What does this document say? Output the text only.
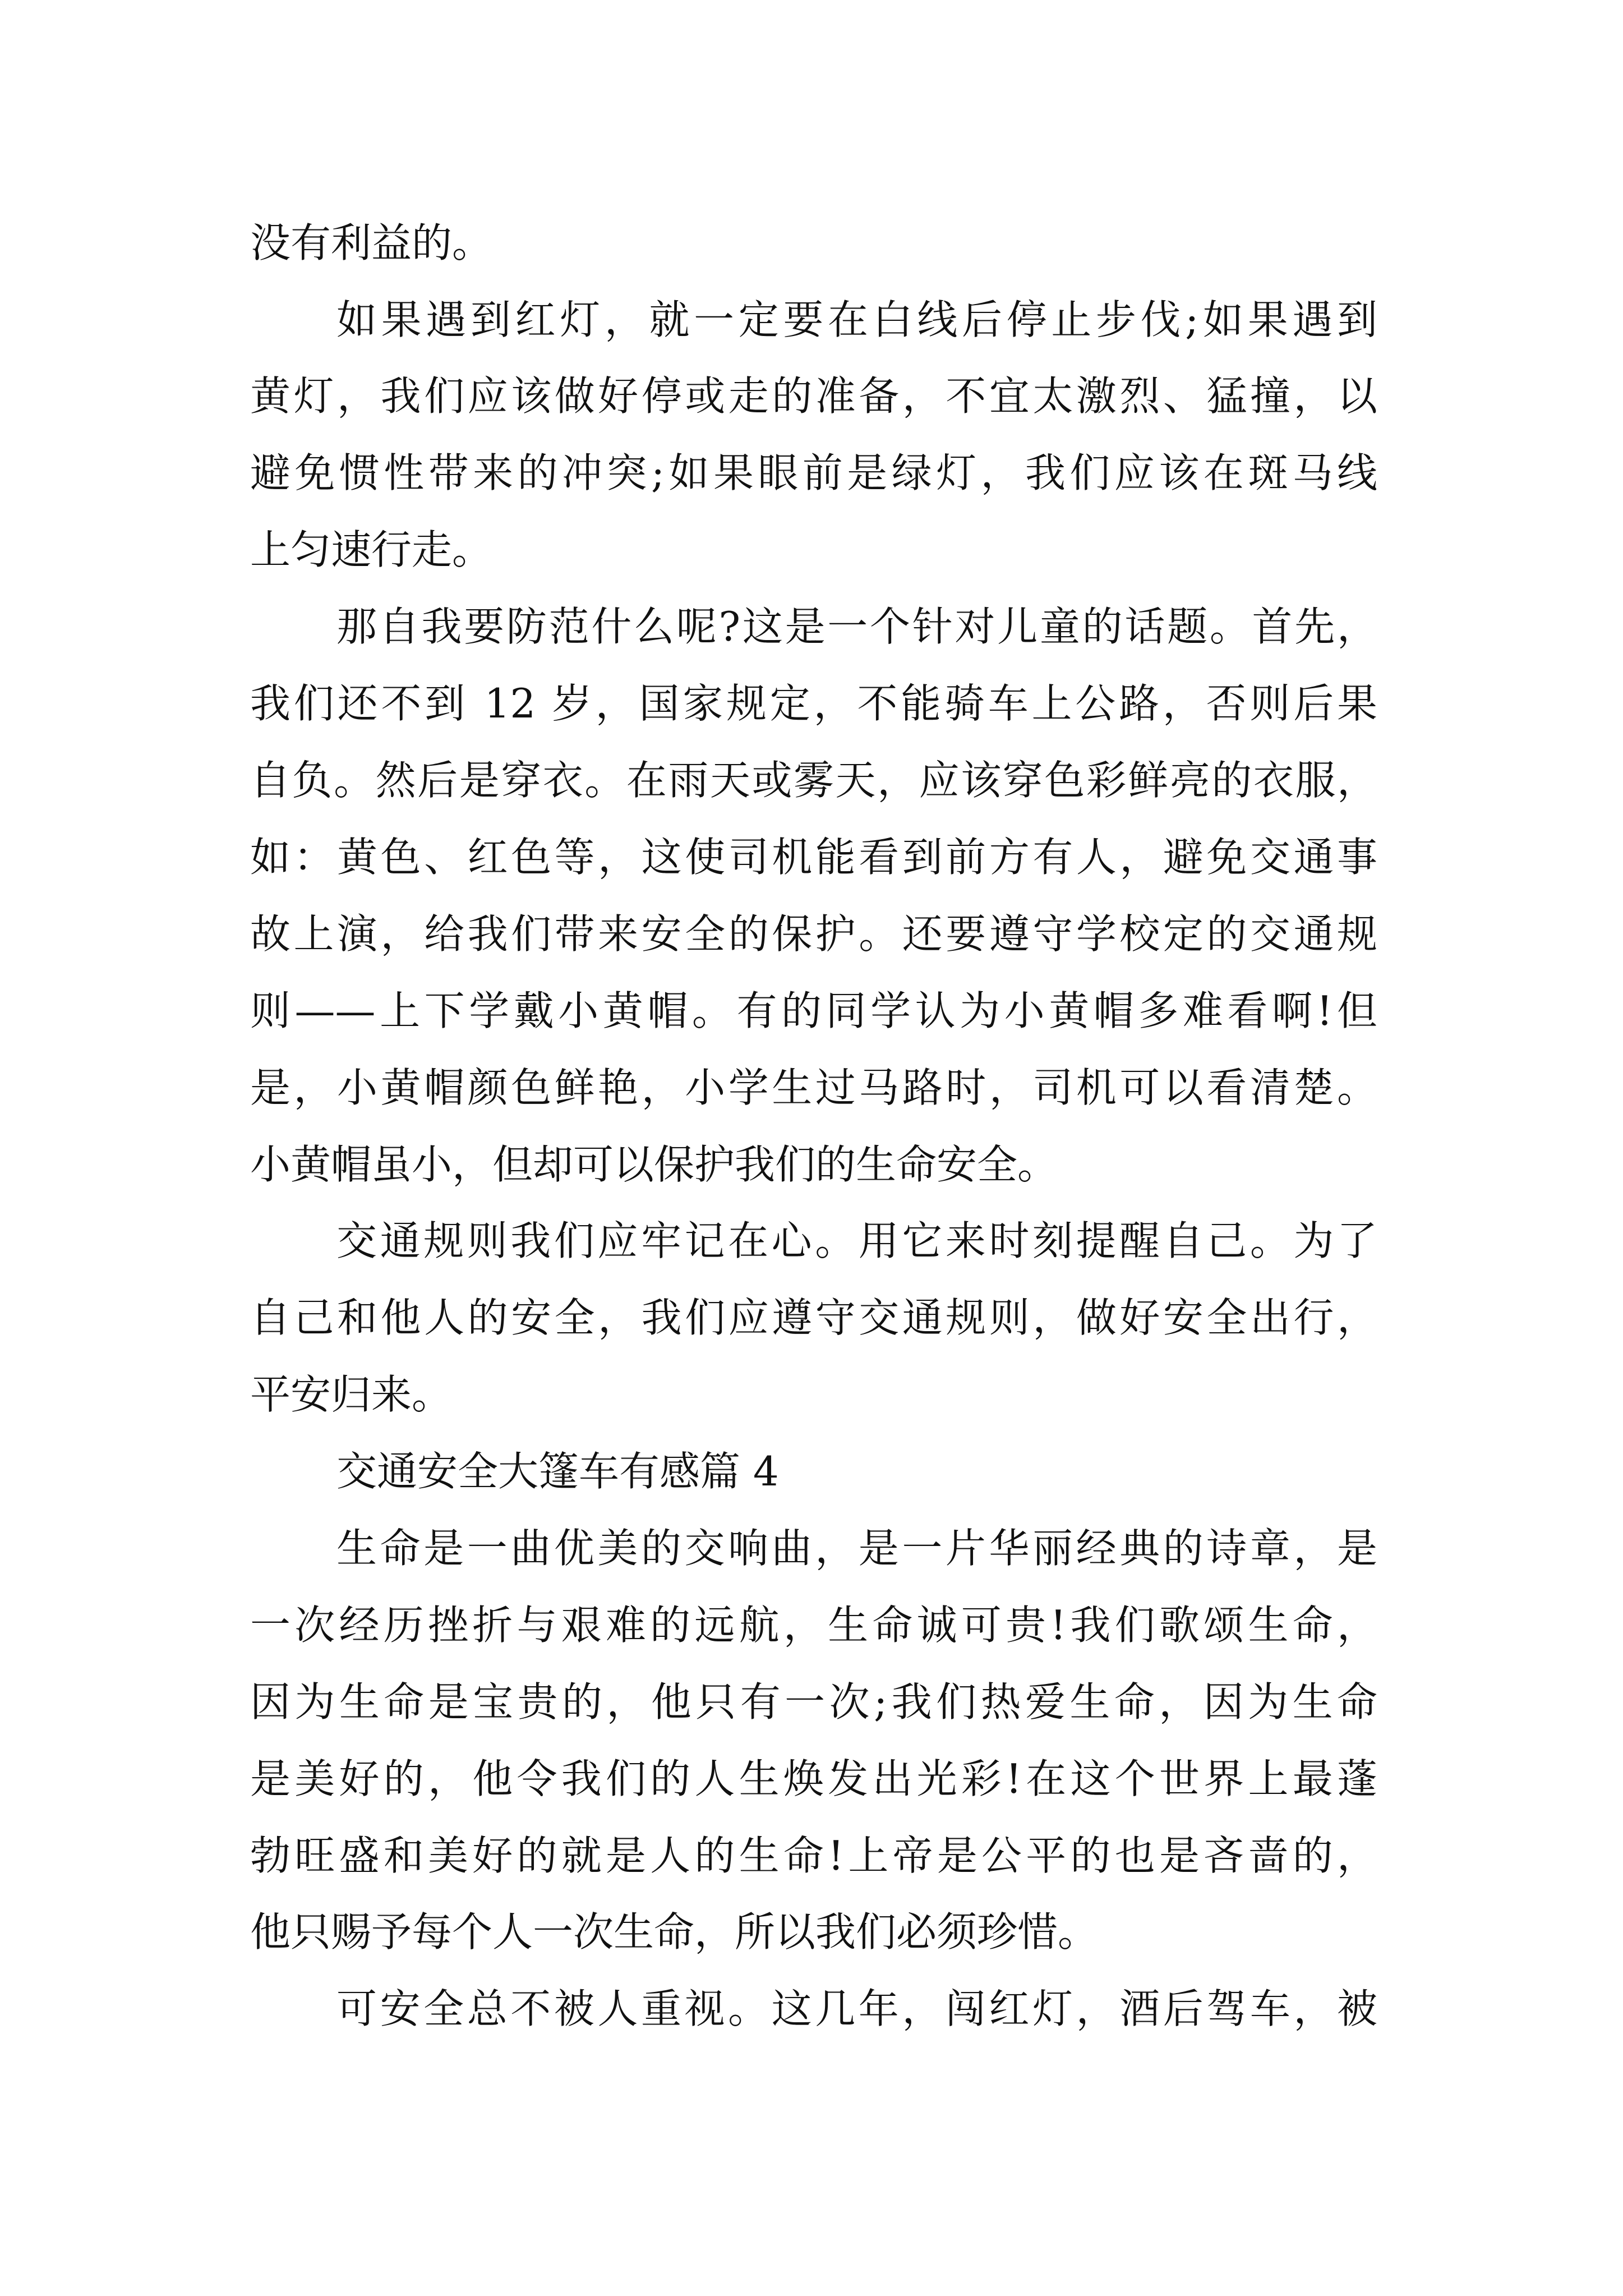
没有利益的。
如果遇到红灯，就一定要在白线后停止步伐;如果遇到
黄灯，我们应该做好停或走的准备，不宜太激烈、猛撞，以
避免惯性带来的冲突;如果眼前是绿灯，我们应该在斑马线
上匀速行走。
那自我要防范什么呢?这是一个针对儿童的话题。首先，
我们还不到 12 岁，国家规定，不能骑车上公路，否则后果
自负。然后是穿衣。在雨天或雾天，应该穿色彩鲜亮的衣服，
如：黄色、红色等，这使司机能看到前方有人，避免交通事
故上演，给我们带来安全的保护。还要遵守学校定的交通规
则——上下学戴小黄帽。有的同学认为小黄帽多难看啊!但
是，小黄帽颜色鲜艳，小学生过马路时，司机可以看清楚。
小黄帽虽小，但却可以保护我们的生命安全。
交通规则我们应牢记在心。用它来时刻提醒自己。为了
自己和他人的安全，我们应遵守交通规则，做好安全出行，
平安归来。
交通安全大篷车有感篇 4
生命是一曲优美的交响曲，是一片华丽经典的诗章，是
一次经历挫折与艰难的远航，生命诚可贵!我们歌颂生命，
因为生命是宝贵的，他只有一次;我们热爱生命，因为生命
是美好的，他令我们的人生焕发出光彩!在这个世界上最蓬
勃旺盛和美好的就是人的生命!上帝是公平的也是吝啬的，
他只赐予每个人一次生命，所以我们必须珍惜。
可安全总不被人重视。这几年，闯红灯，酒后驾车，被
